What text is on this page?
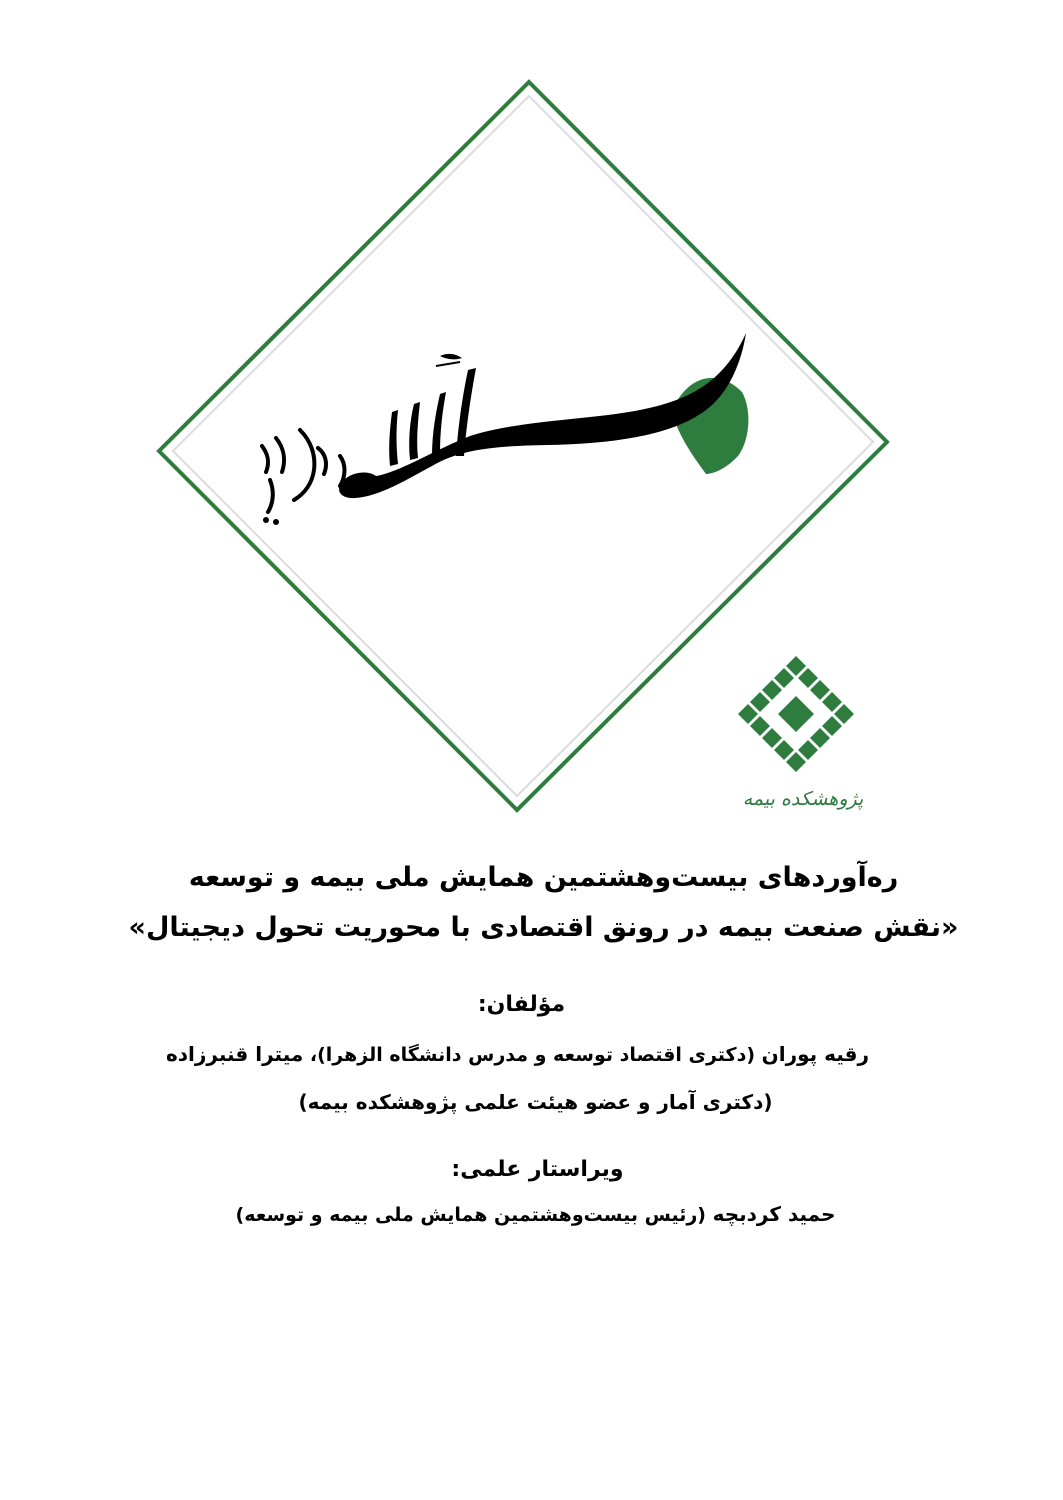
پژوهشکده بیمه
ره‌آوردهای بیست‌وهشتمین همایش ملی بیمه و توسعه
«نقش صنعت بیمه در رونق اقتصادی با محوریت تحول دیجیتال»
مؤلفان:
رقیه پوران (دکتری اقتصاد توسعه و مدرس دانشگاه الزهرا)، میترا قنبرزاده
(دکتری آمار و عضو هیئت علمی پژوهشکده بیمه)
ویراستار علمی:
حمید کردبچه (رئیس بیست‌وهشتمین همایش ملی بیمه و توسعه)
